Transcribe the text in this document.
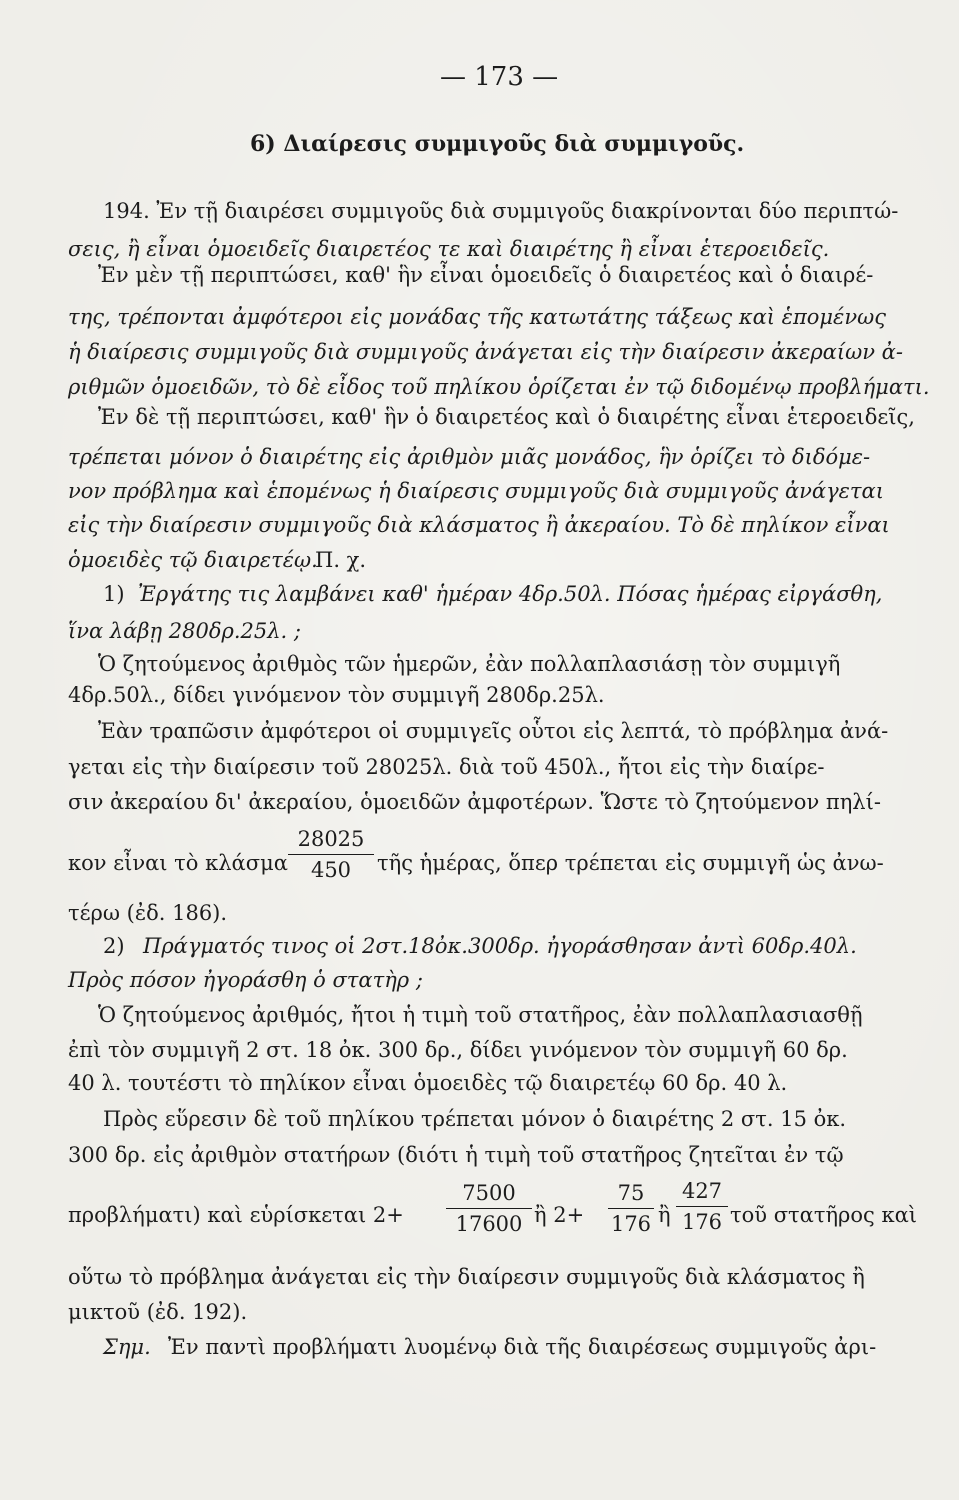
— 173 —
6) Διαίρεσις συμμιγοῦς διὰ συμμιγοῦς.
194. Ἐν τῇ διαιρέσει συμμιγοῦς διὰ συμμιγοῦς διακρίνονται δύο περιπτώ-
σεις, ἢ εἶναι ὁμοειδεῖς διαιρετέος τε καὶ διαιρέτης ἢ εἶναι ἑτεροειδεῖς.
Ἐν μὲν τῇ περιπτώσει, καθ' ἣν εἶναι ὁμοειδεῖς ὁ διαιρετέος καὶ ὁ διαιρέ-
της, τρέπονται ἀμφότεροι εἰς μονάδας τῆς κατωτάτης τάξεως καὶ ἑπομένως
ἡ διαίρεσις συμμιγοῦς διὰ συμμιγοῦς ἀνάγεται εἰς τὴν διαίρεσιν ἀκεραίων ἀ-
ριθμῶν ὁμοειδῶν, τὸ δὲ εἶδος τοῦ πηλίκου ὁρίζεται ἐν τῷ διδομένῳ προβλήματι.
Ἐν δὲ τῇ περιπτώσει, καθ' ἣν ὁ διαιρετέος καὶ ὁ διαιρέτης εἶναι ἑτεροειδεῖς,
τρέπεται μόνον ὁ διαιρέτης εἰς ἀριθμὸν μιᾶς μονάδος, ἣν ὁρίζει τὸ διδόμε-
νον πρόβλημα καὶ ἑπομένως ἡ διαίρεσις συμμιγοῦς διὰ συμμιγοῦς ἀνάγεται
εἰς τὴν διαίρεσιν συμμιγοῦς διὰ κλάσματος ἢ ἀκεραίου. Τὸ δὲ πηλίκον εἶναι
ὁμοειδὲς τῷ διαιρετέῳ.
Π. χ.
1) Ἐργάτης τις λαμβάνει καθ' ἡμέραν 4δρ.50λ. Πόσας ἡμέρας εἰργάσθη,
ἵνα λάβῃ 280δρ.25λ. ;
Ὁ ζητούμενος ἀριθμὸς τῶν ἡμερῶν, ἐὰν πολλαπλασιάσῃ τὸν συμμιγῆ
4δρ.50λ., δίδει γινόμενον τὸν συμμιγῆ 280δρ.25λ.
Ἐὰν τραπῶσιν ἀμφότεροι οἱ συμμιγεῖς οὗτοι εἰς λεπτά, τὸ πρόβλημα ἀνά-
γεται εἰς τὴν διαίρεσιν τοῦ 28025λ. διὰ τοῦ 450λ., ἤτοι εἰς τὴν διαίρε-
σιν ἀκεραίου δι' ἀκεραίου, ὁμοειδῶν ἀμφοτέρων. Ὥστε τὸ ζητούμενον πηλί-
κον εἶναι τὸ κλάσμα	τῆς ἡμέρας, ὅπερ τρέπεται εἰς συμμιγῆ ὡς ἀνω-
28025
450
τέρω (ἐδ. 186).
2) Πράγματός τινος οἱ 2στ.18ὀκ.300δρ. ἠγοράσθησαν ἀντὶ 60δρ.40λ.
Πρὸς πόσον ἠγοράσθη ὁ στατὴρ ;
Ὁ ζητούμενος ἀριθμός, ἤτοι ἡ τιμὴ τοῦ στατῆρος, ἐὰν πολλαπλασιασθῇ
ἐπὶ τὸν συμμιγῆ 2 στ. 18 ὀκ. 300 δρ., δίδει γινόμενον τὸν συμμιγῆ 60 δρ.
40 λ. τουτέστι τὸ πηλίκον εἶναι ὁμοειδὲς τῷ διαιρετέῳ 60 δρ. 40 λ.
Πρὸς εὕρεσιν δὲ τοῦ πηλίκου τρέπεται μόνον ὁ διαιρέτης 2 στ. 15 ὀκ.
300 δρ. εἰς ἀριθμὸν στατήρων (διότι ἡ τιμὴ τοῦ στατῆρος ζητεῖται ἐν τῷ
προβλήματι) καὶ εὑρίσκεται 2+	ἢ 2+	ἢ	τοῦ στατῆρος καὶ
7500
17600
75
176
427
176
οὕτω τὸ πρόβλημα ἀνάγεται εἰς τὴν διαίρεσιν συμμιγοῦς διὰ κλάσματος ἢ
μικτοῦ (ἐδ. 192).
Σημ. Ἐν παντὶ προβλήματι λυομένῳ διὰ τῆς διαιρέσεως συμμιγοῦς ἀρι-
